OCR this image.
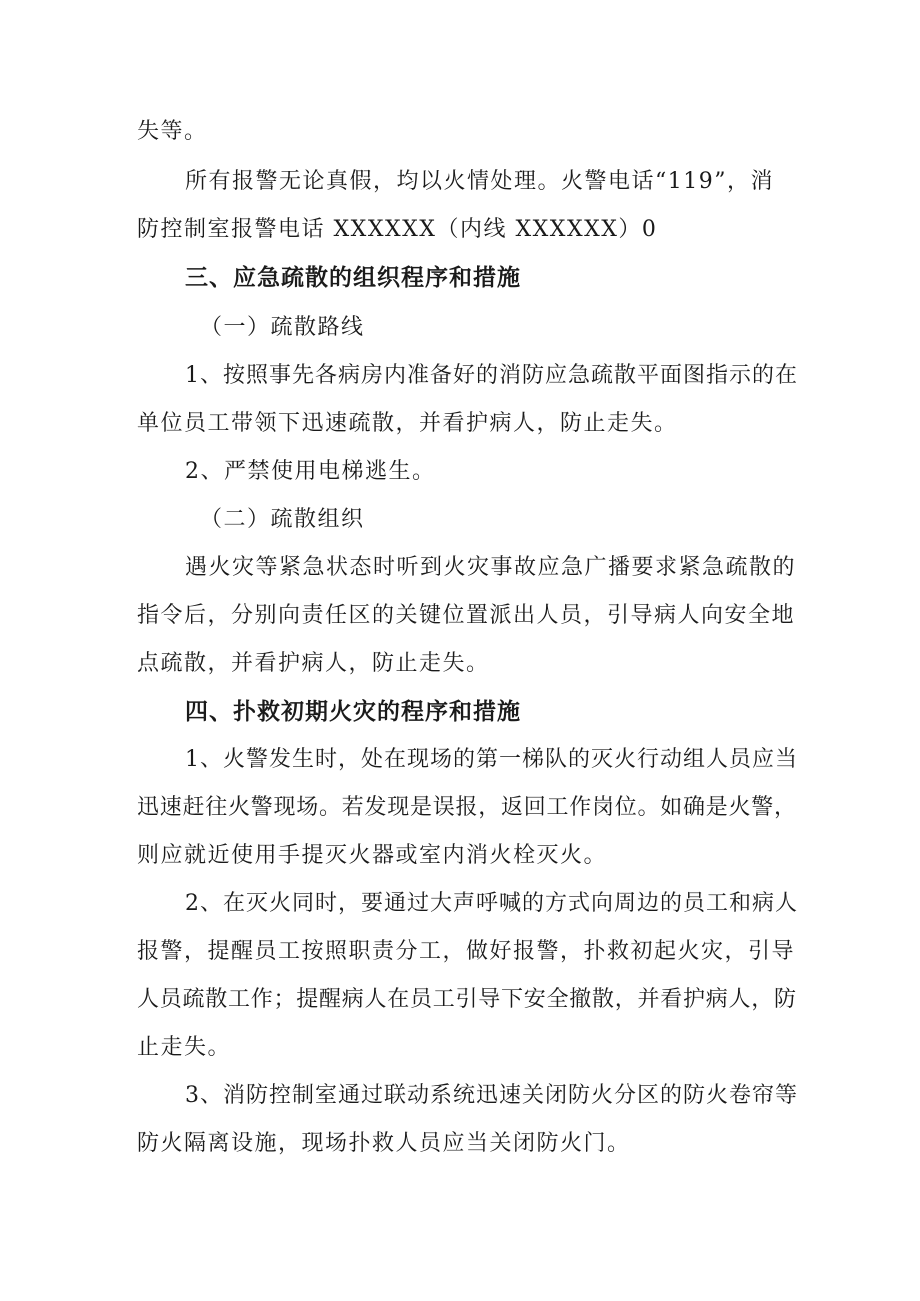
失等。
所有报警无论真假，均以火情处理。火警电话“119”，消
防控制室报警电话 XXXXXX（内线 XXXXXX）0
三、应急疏散的组织程序和措施
（一）疏散路线
1、按照事先各病房内准备好的消防应急疏散平面图指示的在
单位员工带领下迅速疏散，并看护病人，防止走失。
2、严禁使用电梯逃生。
（二）疏散组织
遇火灾等紧急状态时听到火灾事故应急广播要求紧急疏散的
指令后，分别向责任区的关键位置派出人员，引导病人向安全地
点疏散，并看护病人，防止走失。
四、扑救初期火灾的程序和措施
1、火警发生时，处在现场的第一梯队的灭火行动组人员应当
迅速赶往火警现场。若发现是误报，返回工作岗位。如确是火警，
则应就近使用手提灭火器或室内消火栓灭火。
2、在灭火同时，要通过大声呼喊的方式向周边的员工和病人
报警，提醒员工按照职责分工，做好报警，扑救初起火灾，引导
人员疏散工作；提醒病人在员工引导下安全撤散，并看护病人，防
止走失。
3、消防控制室通过联动系统迅速关闭防火分区的防火卷帘等
防火隔离设施，现场扑救人员应当关闭防火门。
